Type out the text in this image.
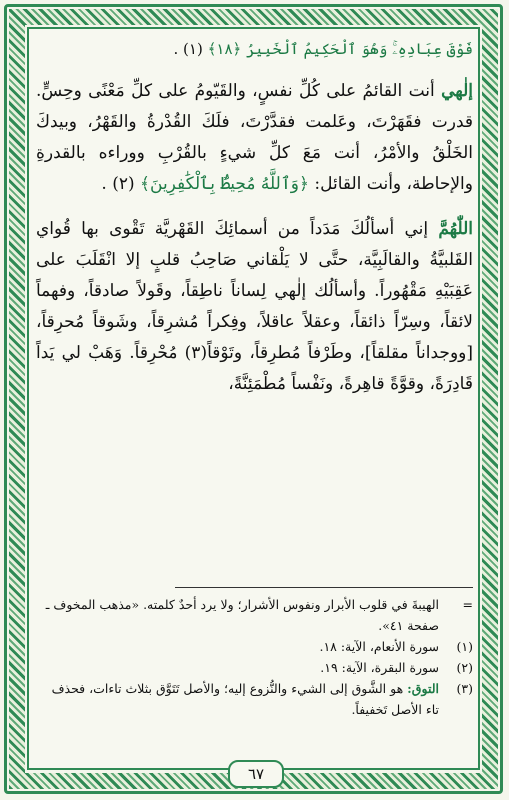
فَوْقَ عِبَادِهِۦۚ وَهُوَ ٱلْحَكِيمُ ٱلْخَبِيرُ ﴿١٨﴾ (١) .

إلٰهي أنت القائمُ على كُلِّ نفسٍ، والقَيّومُ على كلِّ مَعْنًى وحِسٍّ. قدرت فقَهَرْتَ، وعَلمت فقدَّرْتَ، فلَكَ القُدْرةُ والقَهْرُ، وبيدكَ الخَلْقُ والأمْرُ، أنت مَعَ كلِّ شيءٍ بالقُرْبِ ووراءه بالقدرةِ والإحاطة، وأنت القائل: ﴿وَٱللَّهُ مُحِيطٌۢ بِٱلْكَٰفِرِينَ﴾ (٢) .

اللّٰهُمَّ إني أسألُكَ مَدَداً من أسمائِكَ القَهْريَّة تَقْوى بها قُواي القَلبيَّةُ والقالَبِيَّة، حتَّى لا يَلْقاني صَاحِبُ قلبٍ إلا انْقَلَبَ على عَقِبَيْهِ مَقْهُوراً. وأسألُك إلٰهي لِساناً ناطِقاً، وقَولاً صادقاً، وفهماً لائقاً، وسِرّاً ذائقاً، وعقلاً عاقلاً، وفِكراً مُشرِقاً، وشَوقاً مُحرِقاً، [ووجداناً مقلقاً]، وطَرْفاً مُطرِقاً، وتَوْقاً(٣) مُحْرِقاً. وَهَبْ لي يَداً قَادِرَةً، وقوَّةً قاهِرةً، ونَفْساً مُطْمَئِنَّةً،

=
الهيبةَ في قلوب الأبرار ونفوس الأشرار؛ ولا يرد أحدٌ كلمته. «مذهب المخوف ـ صفحة ٤١».
(١)
سورة الأنعام، الآية: ١٨.
(٢)
سورة البقرة، الآية: ١٩.
(٣)
التوق: هو الشَّوق إلى الشيء والنُّزوع إليه؛ والأصل تَتَوَّق بثلاث تاءات، فحذف تاء الأصل تَخفيفاً.
٦٧
